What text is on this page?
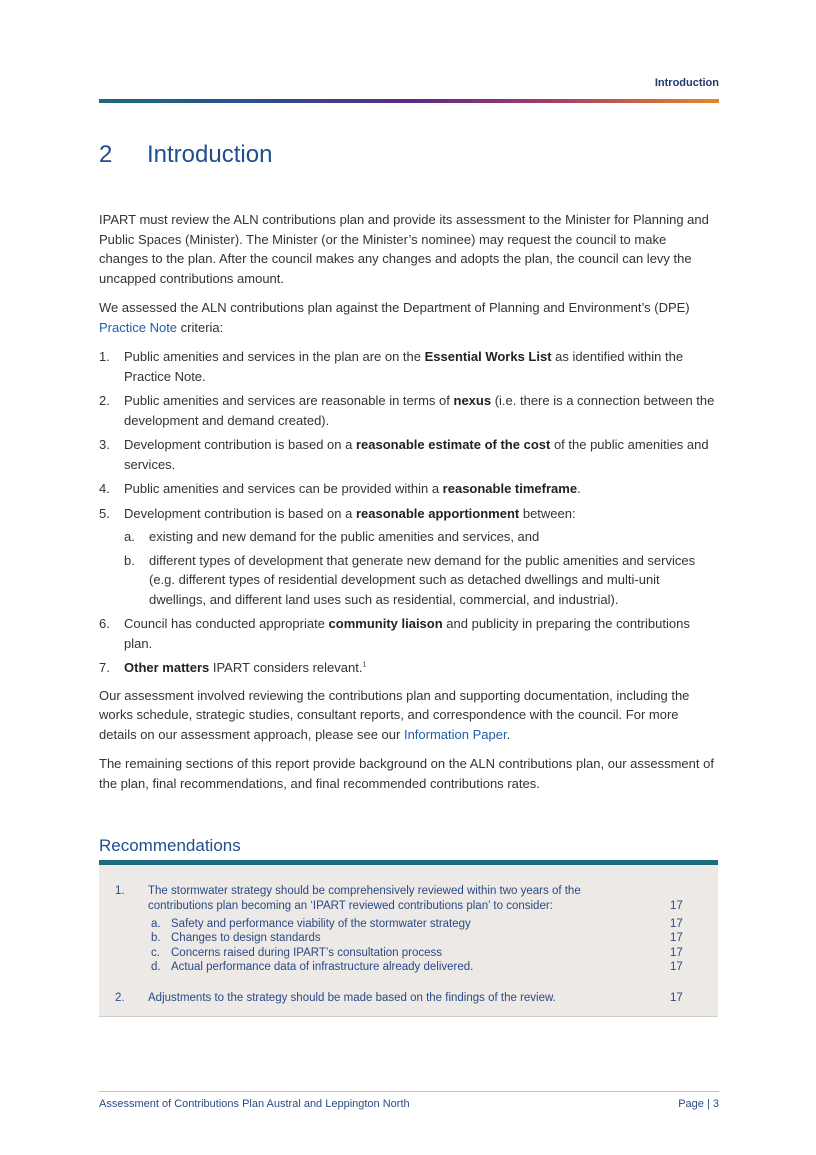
Introduction
2 Introduction

IPART must review the ALN contributions plan and provide its assessment to the Minister for Planning and Public Spaces (Minister). The Minister (or the Minister’s nominee) may request the council to make changes to the plan. After the council makes any changes and adopts the plan, the council can levy the uncapped contributions amount.

We assessed the ALN contributions plan against the Department of Planning and Environment’s (DPE) Practice Note criteria:

1. Public amenities and services in the plan are on the Essential Works List as identified within the Practice Note.
2. Public amenities and services are reasonable in terms of nexus (i.e. there is a connection between the development and demand created).
3. Development contribution is based on a reasonable estimate of the cost of the public amenities and services.
4. Public amenities and services can be provided within a reasonable timeframe.
5. Development contribution is based on a reasonable apportionment between:
a. existing and new demand for the public amenities and services, and
b. different types of development that generate new demand for the public amenities and services (e.g. different types of residential development such as detached dwellings and multi-unit dwellings, and different land uses such as residential, commercial, and industrial).
6. Council has conducted appropriate community liaison and publicity in preparing the contributions plan.
7. Other matters IPART considers relevant.$^1$

Our assessment involved reviewing the contributions plan and supporting documentation, including the works schedule, strategic studies, consultant reports, and correspondence with the council. For more details on our assessment approach, please see our Information Paper.

The remaining sections of this report provide background on the ALN contributions plan, our assessment of the plan, final recommendations, and final recommended contributions rates.

Recommendations
1. The stormwater strategy should be comprehensively reviewed within two years of the contributions plan becoming an ‘IPART reviewed contributions plan’ to consider:	17
a. Safety and performance viability of the stormwater strategy	17
b. Changes to design standards	17
c. Concerns raised during IPART’s consultation process	17
d. Actual performance data of infrastructure already delivered.	17
2. Adjustments to the strategy should be made based on the findings of the review.	17
Assessment of Contributions Plan Austral and Leppington North	Page | 3
